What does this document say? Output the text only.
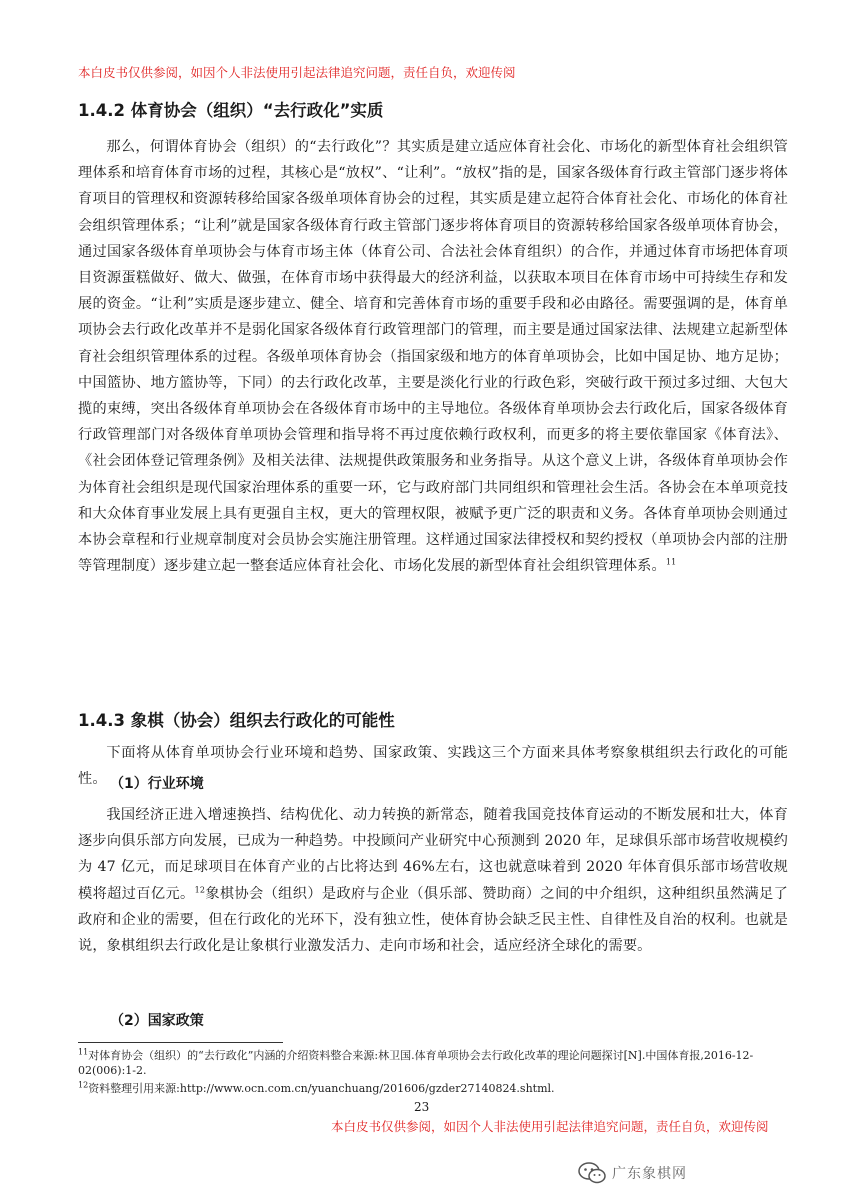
本白皮书仅供参阅，如因个人非法使用引起法律追究问题，责任自负，欢迎传阅
1.4.2 体育协会（组织）“去行政化”实质

那么，何谓体育协会（组织）的“去行政化”？其实质是建立适应体育社会化、市场化的新型体育社会组织管理体系和培育体育市场的过程，其核心是“放权”、“让利”。“放权”指的是，国家各级体育行政主管部门逐步将体育项目的管理权和资源转移给国家各级单项体育协会的过程，其实质是建立起符合体育社会化、市场化的体育社会组织管理体系；“让利”就是国家各级体育行政主管部门逐步将体育项目的资源转移给国家各级单项体育协会，通过国家各级体育单项协会与体育市场主体（体育公司、合法社会体育组织）的合作，并通过体育市场把体育项目资源蛋糕做好、做大、做强，在体育市场中获得最大的经济利益，以获取本项目在体育市场中可持续生存和发展的资金。“让利”实质是逐步建立、健全、培育和完善体育市场的重要手段和必由路径。需要强调的是，体育单项协会去行政化改革并不是弱化国家各级体育行政管理部门的管理，而主要是通过国家法律、法规建立起新型体育社会组织管理体系的过程。各级单项体育协会（指国家级和地方的体育单项协会，比如中国足协、地方足协；中国篮协、地方篮协等，下同）的去行政化改革，主要是淡化行业的行政色彩，突破行政干预过多过细、大包大揽的束缚，突出各级体育单项协会在各级体育市场中的主导地位。各级体育单项协会去行政化后，国家各级体育行政管理部门对各级体育单项协会管理和指导将不再过度依赖行政权利，而更多的将主要依靠国家《体育法》、《社会团体登记管理条例》及相关法律、法规提供政策服务和业务指导。从这个意义上讲，各级体育单项协会作为体育社会组织是现代国家治理体系的重要一环，它与政府部门共同组织和管理社会生活。各协会在本单项竞技和大众体育事业发展上具有更强自主权，更大的管理权限，被赋予更广泛的职责和义务。各体育单项协会则通过本协会章程和行业规章制度对会员协会实施注册管理。这样通过国家法律授权和契约授权（单项协会内部的注册等管理制度）逐步建立起一整套适应体育社会化、市场化发展的新型体育社会组织管理体系。$^{11}$

1.4.3 象棋（协会）组织去行政化的可能性

下面将从体育单项协会行业环境和趋势、国家政策、实践这三个方面来具体考察象棋组织去行政化的可能性。 （1）行业环境

我国经济正进入增速换挡、结构优化、动力转换的新常态，随着我国竞技体育运动的不断发展和壮大，体育逐步向俱乐部方向发展，已成为一种趋势。中投顾问产业研究中心预测到 2020 年，足球俱乐部市场营收规模约为 47 亿元，而足球项目在体育产业的占比将达到 46%左右，这也就意味着到 2020 年体育俱乐部市场营收规模将超过百亿元。$^{12}$象棋协会（组织）是政府与企业（俱乐部、赞助商）之间的中介组织，这种组织虽然满足了政府和企业的需要，但在行政化的光环下，没有独立性，使体育协会缺乏民主性、自律性及自治的权利。也就是说，象棋组织去行政化是让象棋行业激发活力、走向市场和社会，适应经济全球化的需要。

（2）国家政策

$^{11}$对体育协会（组织）的“去行政化”内涵的介绍资料整合来源:林卫国.体育单项协会去行政化改革的理论问题探讨[N].中国体育报,2016-12-02(006):1-2.

$^{12}$资料整理引用来源:http://www.ocn.com.cn/yuanchuang/201606/gzder27140824.shtml.

23
本白皮书仅供参阅，如因个人非法使用引起法律追究问题，责任自负，欢迎传阅
广东象棋网
